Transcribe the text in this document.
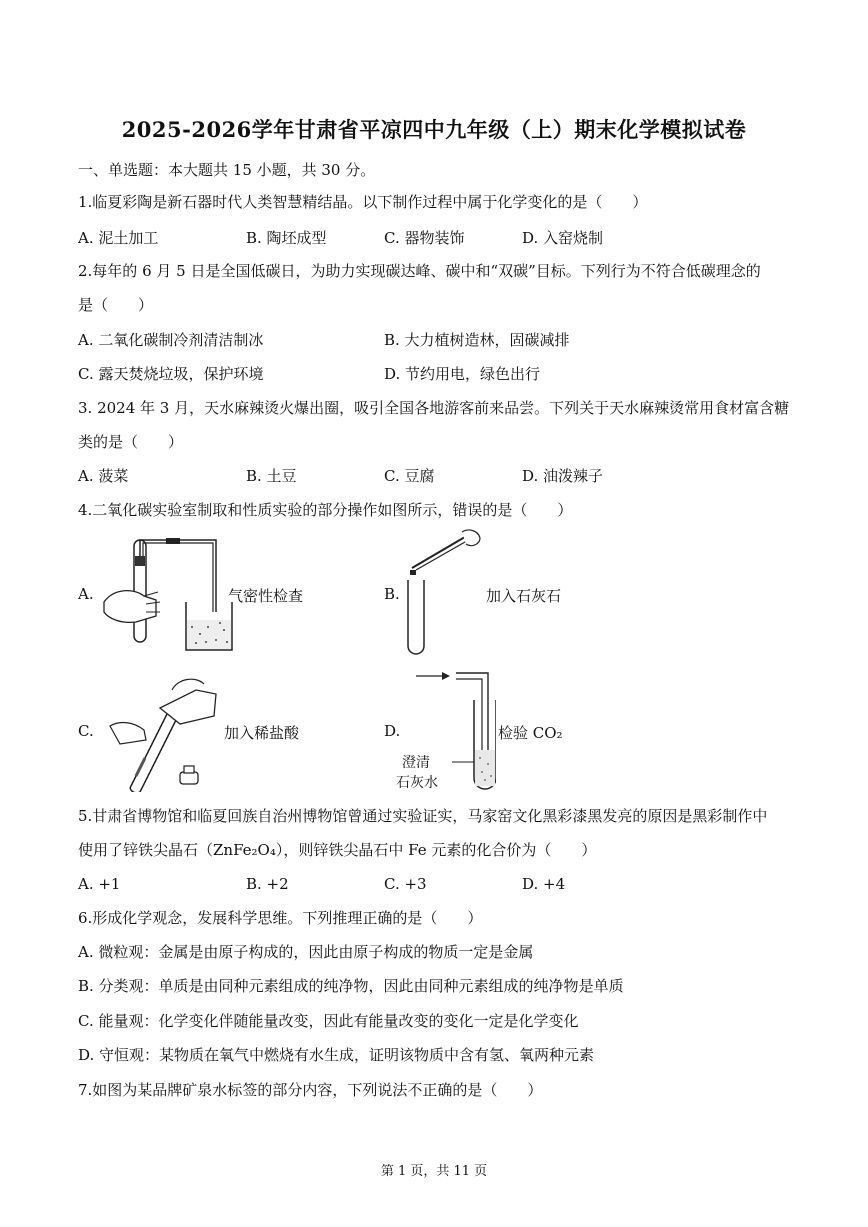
2025-2026学年甘肃省平凉四中九年级（上）期末化学模拟试卷
一、单选题：本大题共 15 小题，共 30 分。
1.临夏彩陶是新石器时代人类智慧精结晶。以下制作过程中属于化学变化的是（　　）
A. 泥土加工	B. 陶坯成型	C. 器物装饰	D. 入窑烧制
2.每年的 6 月 5 日是全国低碳日，为助力实现碳达峰、碳中和“双碳”目标。下列行为不符合低碳理念的
是（　　）
A. 二氧化碳制冷剂清洁制冰	B. 大力植树造林，固碳减排
C. 露天焚烧垃圾，保护环境	D. 节约用电，绿色出行
3. 2024 年 3 月，天水麻辣烫火爆出圈，吸引全国各地游客前来品尝。下列关于天水麻辣烫常用食材富含糖
类的是（　　）
A. 菠菜	B. 土豆	C. 豆腐	D. 油泼辣子
4.二氧化碳实验室制取和性质实验的部分操作如图所示，错误的是（　　）
A.	气密性检查	B.	加入石灰石
C.	加入稀盐酸	D.
澄清
石灰水
检验 CO₂
5.甘肃省博物馆和临夏回族自治州博物馆曾通过实验证实，马家窑文化黑彩漆黑发亮的原因是黑彩制作中
使用了锌铁尖晶石（ZnFe₂O₄），则锌铁尖晶石中 Fe 元素的化合价为（　　）
A. +1	B. +2	C. +3	D. +4
6.形成化学观念，发展科学思维。下列推理正确的是（　　）
A. 微粒观：金属是由原子构成的，因此由原子构成的物质一定是金属
B. 分类观：单质是由同种元素组成的纯净物，因此由同种元素组成的纯净物是单质
C. 能量观：化学变化伴随能量改变，因此有能量改变的变化一定是化学变化
D. 守恒观：某物质在氧气中燃烧有水生成，证明该物质中含有氢、氧两种元素
7.如图为某品牌矿泉水标签的部分内容，下列说法不正确的是（　　）
第 1 页，共 11 页
